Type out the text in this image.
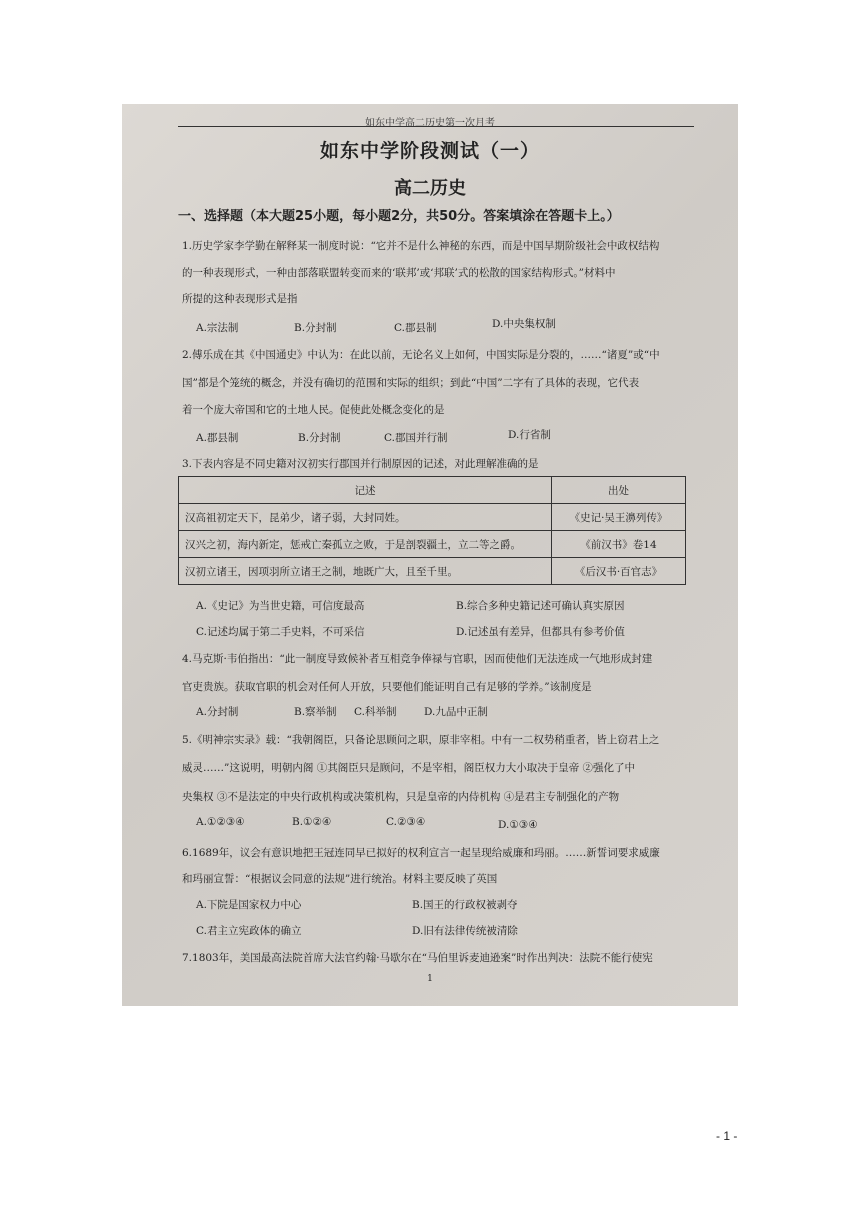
如东中学高二历史第一次月考
如东中学阶段测试（一）
高二历史
一、选择题（本大题25小题，每小题2分，共50分。答案填涂在答题卡上。）
1.历史学家李学勤在解释某一制度时说：“它并不是什么神秘的东西，而是中国早期阶级社会中政权结构
的一种表现形式，一种由部落联盟转变而来的‘联邦’或‘邦联’式的松散的国家结构形式。”材料中
所提的这种表现形式是指
A.宗法制	B.分封制	C.郡县制	D.中央集权制
2.傅乐成在其《中国通史》中认为：在此以前，无论名义上如何，中国实际是分裂的，……“诸夏”或“中
国”都是个笼统的概念，并没有确切的范围和实际的组织；到此“中国”二字有了具体的表现，它代表
着一个庞大帝国和它的土地人民。促使此处概念变化的是
A.郡县制	B.分封制	C.郡国并行制	D.行省制
3.下表内容是不同史籍对汉初实行郡国并行制原因的记述，对此理解准确的是
记述	出处
汉高祖初定天下，昆弟少，诸子弱，大封同姓。	《史记·吴王濞列传》
汉兴之初，海内新定，惩戒亡秦孤立之败，于是剖裂疆土，立二等之爵。	《前汉书》卷14
汉初立诸王，因项羽所立诸王之制，地既广大，且至千里。	《后汉书·百官志》
A.《史记》为当世史籍，可信度最高	B.综合多种史籍记述可确认真实原因
C.记述均属于第二手史料，不可采信	D.记述虽有差异，但都具有参考价值
4.马克斯·韦伯指出：“此一制度导致候补者互相竞争俸禄与官职，因而使他们无法连成一气地形成封建
官吏贵族。获取官职的机会对任何人开放，只要他们能证明自己有足够的学养。”该制度是
A.分封制	B.察举制 C.科举制	D.九品中正制
5.《明神宗实录》载：“我朝阁臣，只备论思顾问之职，原非宰相。中有一二权势稍重者，皆上窃君上之
威灵……”这说明，明朝内阁 ①其阁臣只是顾问，不是宰相，阁臣权力大小取决于皇帝 ②强化了中
央集权 ③不是法定的中央行政机构或决策机构，只是皇帝的内侍机构 ④是君主专制强化的产物
A.①②③④	B.①②④	C.②③④	D.①③④
6.1689年，议会有意识地把王冠连同早已拟好的权利宣言一起呈现给威廉和玛丽。……新誓词要求威廉
和玛丽宣誓：“根据议会同意的法规”进行统治。材料主要反映了英国
A.下院是国家权力中心	B.国王的行政权被剥夺
C.君主立宪政体的确立	D.旧有法律传统被清除
7.1803年，美国最高法院首席大法官约翰·马歇尔在“马伯里诉麦迪逊案”时作出判决：法院不能行使宪
1
- 1 -
